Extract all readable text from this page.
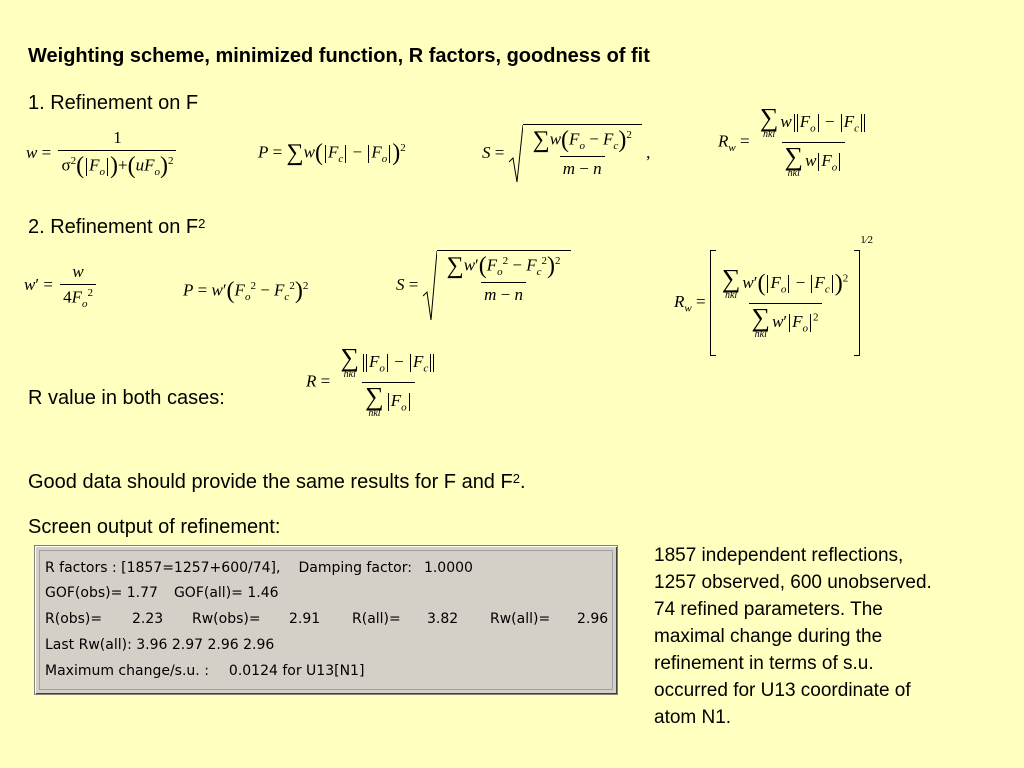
Weighting scheme, minimized function, R factors, goodness of fit
1. Refinement on F
$w = \frac{1}{\sigma^2( F_o )+(uF_o)^2}$	P = ∑w( $F_c - F_o$ )$^2$	$S = \frac{\sum w(F_o - F_c)^2}{m - n}$ ,
$R_w$ = ∑
hkl
w $F_o - F_c$
∑
hkl
w $F_o$
2. Refinement on $F^2$
$w' = \frac{w}{4F_o^2}$	$P = w'(F_o^2 - F_c^2)^2$	$S = \frac{\sum w'(F_o^2 - F_c^2)^2}{m - n}$	$R_w$ = ∑
hkl
w′( $F_o - F_c$ )$^2$
∑
hkl
w′ $F_o^2$
$^{1⁄2}$
R value in both cases:
R = ∑
hkl
$F_o - F_c$
∑
hkl
$F_o$
Good data should provide the same results for F and $F^2$.
Screen output of refinement:
R factors : [1857=1257+600/74], Damping factor: 1.0000
GOF(obs)= 1.77 GOF(all)= 1.46
R(obs)= 2.23 Rw(obs)= 2.91 R(all)= 3.82 Rw(all)= 2.96
Last Rw(all): 3.96 2.97 2.96 2.96
Maximum change/s.u. : 0.0124 for U13[N1]
1857 independent reflections,
1257 observed, 600 unobserved.
74 refined parameters. The
maximal change during the
refinement in terms of s.u.
occurred for U13 coordinate of
atom N1.
